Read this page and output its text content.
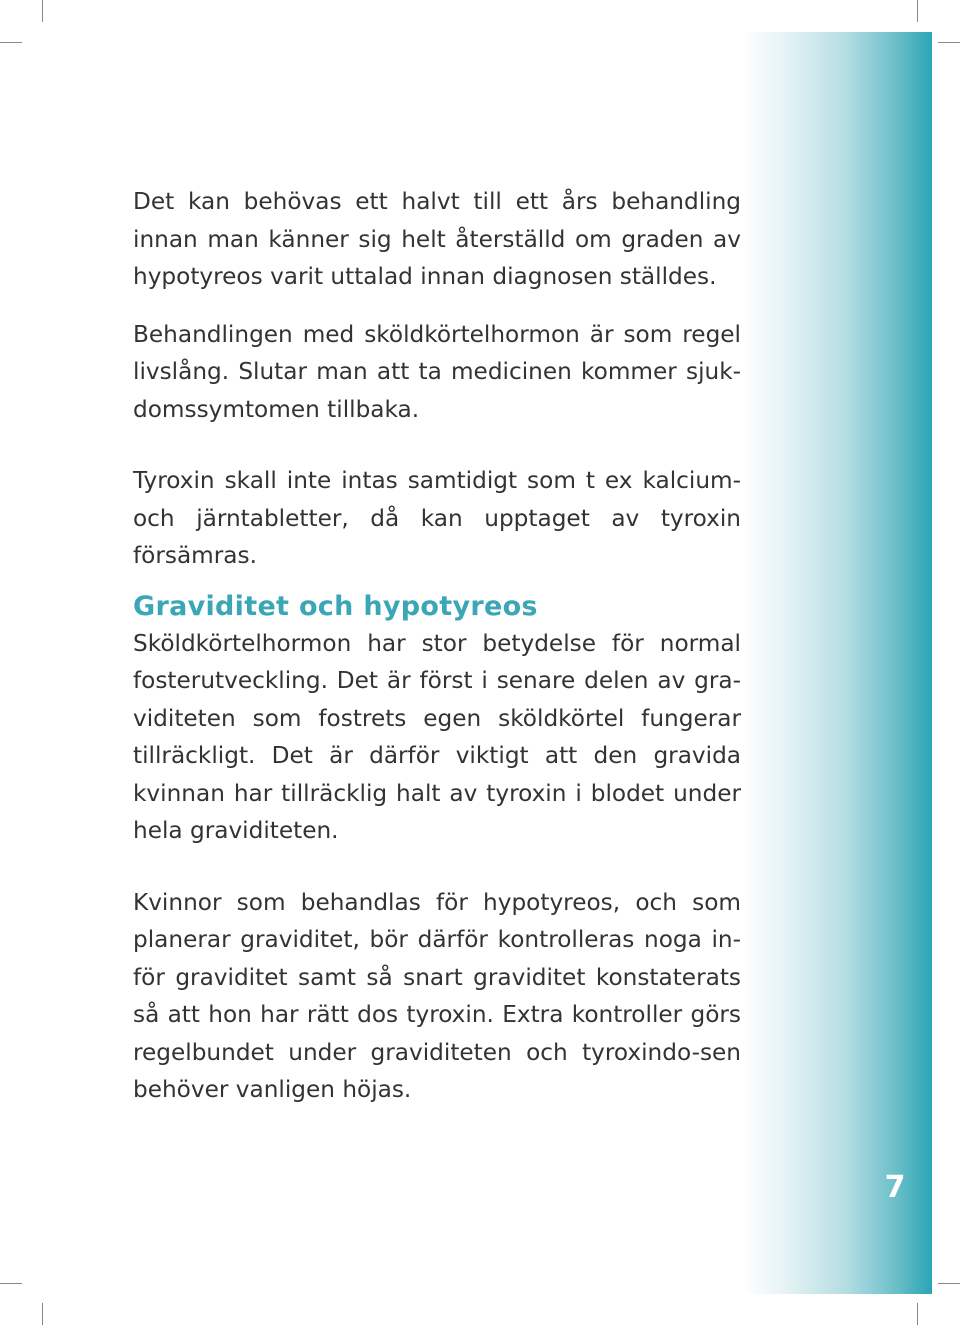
7

Det kan behövas ett halvt till ett års behandling innan man känner sig helt återställd om graden av hypotyreos varit uttalad innan diagnosen ställdes.

Behandlingen med sköldkörtelhormon är som regel livslång. Slutar man att ta medicinen kommer sjuk-domssymtomen tillbaka.

Tyroxin skall inte intas samtidigt som t ex kalcium- och järntabletter, då kan upptaget av tyroxin försämras.

Graviditet och hypotyreos

Sköldkörtelhormon har stor betydelse för normal fosterutveckling. Det är först i senare delen av gra-viditeten som fostrets egen sköldkörtel fungerar tillräckligt. Det är därför viktigt att den gravida kvinnan har tillräcklig halt av tyroxin i blodet under hela graviditeten.

Kvinnor som behandlas för hypotyreos, och som planerar graviditet, bör därför kontrolleras noga in-för graviditet samt så snart graviditet konstaterats så att hon har rätt dos tyroxin. Extra kontroller görs regelbundet under graviditeten och tyroxindo-sen behöver vanligen höjas.
